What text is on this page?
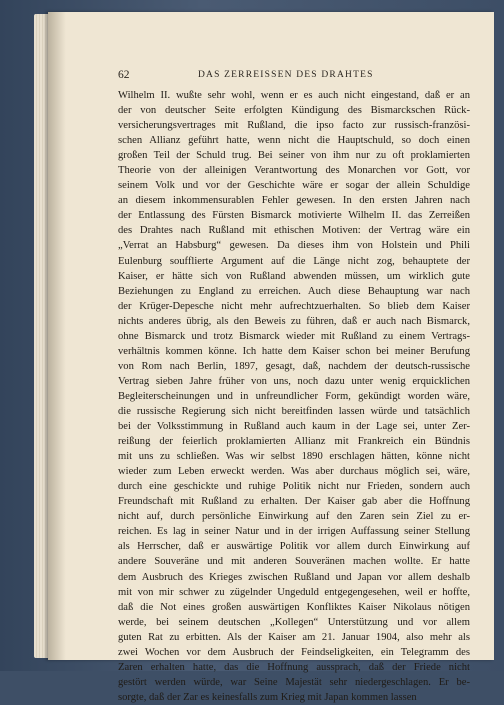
62	DAS ZERREISSEN DES DRAHTES
Wilhelm II. wußte sehr wohl, wenn er es auch nicht eingestand, daß er an
der von deutscher Seite erfolgten Kündigung des Bismarckschen Rück-
versicherungsvertrages mit Rußland, die ipso facto zur russisch-französi-
schen Allianz geführt hatte, wenn nicht die Hauptschuld, so doch einen
großen Teil der Schuld trug. Bei seiner von ihm nur zu oft proklamierten
Theorie von der alleinigen Verantwortung des Monarchen vor Gott, vor
seinem Volk und vor der Geschichte wäre er sogar der allein Schuldige
an diesem inkommensurablen Fehler gewesen. In den ersten Jahren nach
der Entlassung des Fürsten Bismarck motivierte Wilhelm II. das Zerreißen
des Drahtes nach Rußland mit ethischen Motiven: der Vertrag wäre ein
„Verrat an Habsburg“ gewesen. Da dieses ihm von Holstein und Phili
Eulenburg soufflierte Argument auf die Länge nicht zog, behauptete der
Kaiser, er hätte sich von Rußland abwenden müssen, um wirklich gute
Beziehungen zu England zu erreichen. Auch diese Behauptung war nach
der Krüger-Depesche nicht mehr aufrechtzuerhalten. So blieb dem Kaiser
nichts anderes übrig, als den Beweis zu führen, daß er auch nach Bismarck,
ohne Bismarck und trotz Bismarck wieder mit Rußland zu einem Vertrags-
verhältnis kommen könne. Ich hatte dem Kaiser schon bei meiner Berufung
von Rom nach Berlin, 1897, gesagt, daß, nachdem der deutsch-russische
Vertrag sieben Jahre früher von uns, noch dazu unter wenig erquicklichen
Begleiterscheinungen und in unfreundlicher Form, gekündigt worden wäre,
die russische Regierung sich nicht bereitfinden lassen würde und tatsächlich
bei der Volksstimmung in Rußland auch kaum in der Lage sei, unter Zer-
reißung der feierlich proklamierten Allianz mit Frankreich ein Bündnis
mit uns zu schließen. Was wir selbst 1890 erschlagen hätten, könne nicht
wieder zum Leben erweckt werden. Was aber durchaus möglich sei, wäre,
durch eine geschickte und ruhige Politik nicht nur Frieden, sondern auch
Freundschaft mit Rußland zu erhalten. Der Kaiser gab aber die Hoffnung
nicht auf, durch persönliche Einwirkung auf den Zaren sein Ziel zu er-
reichen. Es lag in seiner Natur und in der irrigen Auffassung seiner Stellung
als Herrscher, daß er auswärtige Politik vor allem durch Einwirkung auf
andere Souveräne und mit anderen Souveränen machen wollte. Er hatte
dem Ausbruch des Krieges zwischen Rußland und Japan vor allem deshalb
mit von mir schwer zu zügelnder Ungeduld entgegengesehen, weil er hoffte,
daß die Not eines großen auswärtigen Konfliktes Kaiser Nikolaus nötigen
werde, bei seinem deutschen „Kollegen“ Unterstützung und vor allem
guten Rat zu erbitten. Als der Kaiser am 21. Januar 1904, also mehr als
zwei Wochen vor dem Ausbruch der Feindseligkeiten, ein Telegramm des
Zaren erhalten hatte, das die Hoffnung aussprach, daß der Friede nicht
gestört werden würde, war Seine Majestät sehr niedergeschlagen. Er be-
sorgte, daß der Zar es keinesfalls zum Krieg mit Japan kommen lassen
